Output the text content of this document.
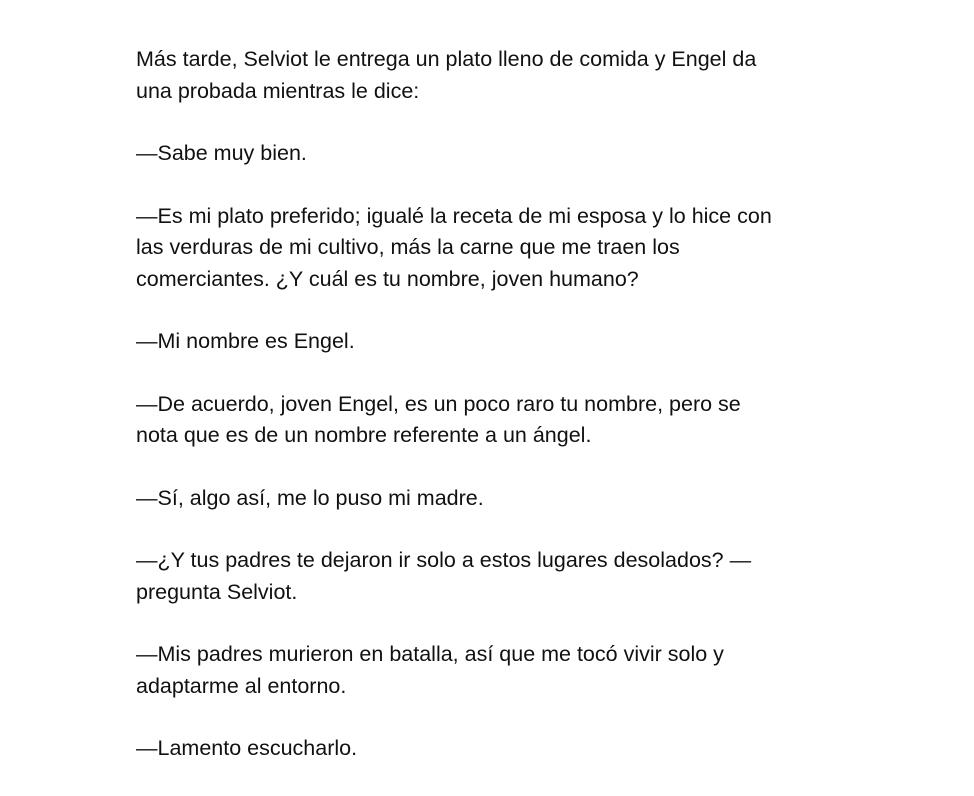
Más tarde, Selviot le entrega un plato lleno de comida y Engel da
una probada mientras le dice:

—Sabe muy bien.

—Es mi plato preferido; igualé la receta de mi esposa y lo hice con
las verduras de mi cultivo, más la carne que me traen los
comerciantes. ¿Y cuál es tu nombre, joven humano?

—Mi nombre es Engel.

—De acuerdo, joven Engel, es un poco raro tu nombre, pero se
nota que es de un nombre referente a un ángel.

—Sí, algo así, me lo puso mi madre.

—¿Y tus padres te dejaron ir solo a estos lugares desolados? —
pregunta Selviot.

—Mis padres murieron en batalla, así que me tocó vivir solo y
adaptarme al entorno.

—Lamento escucharlo.
